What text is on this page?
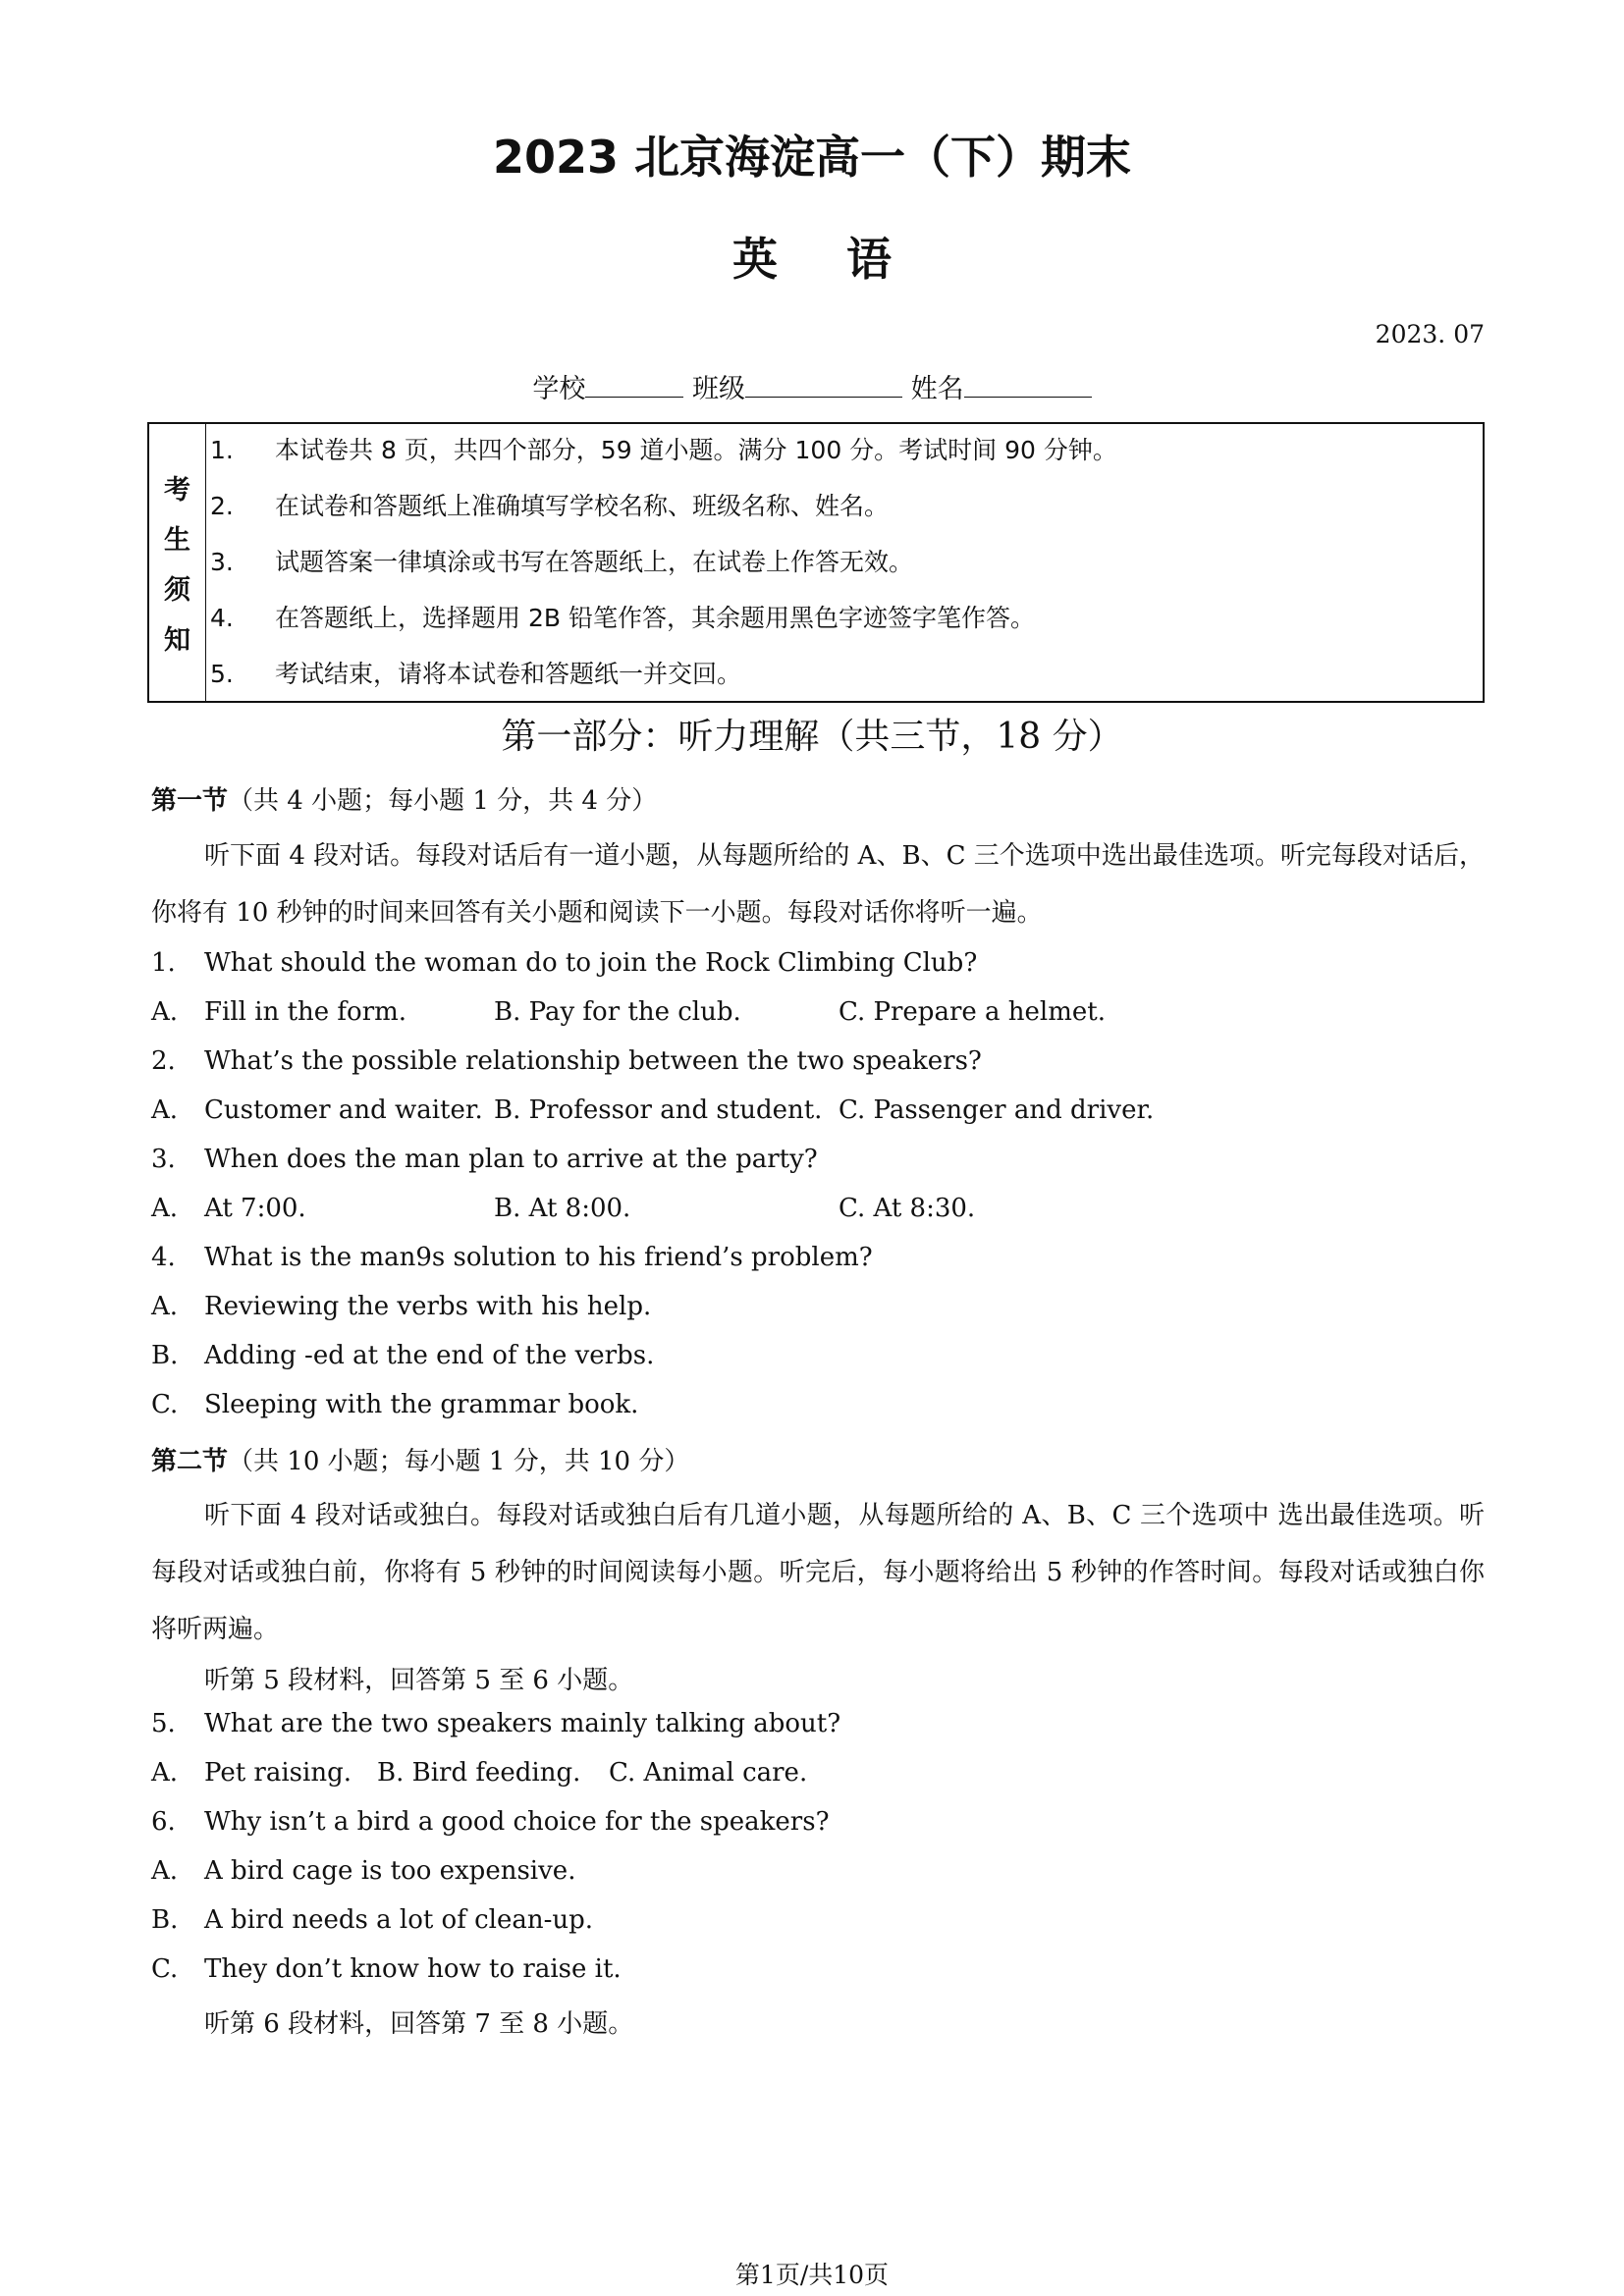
2023 北京海淀高一（下）期末
英语
2023. 07
学校	班级	姓名
考
生
须
知
1. 本试卷共 8 页，共四个部分，59 道小题。满分 100 分。考试时间 90 分钟。
2. 在试卷和答题纸上准确填写学校名称、班级名称、姓名。
3. 试题答案一律填涂或书写在答题纸上，在试卷上作答无效。
4. 在答题纸上，选择题用 2B 铅笔作答，其余题用黑色字迹签字笔作答。
5. 考试结束，请将本试卷和答题纸一并交回。
第一部分：听力理解（共三节，18 分）
第一节（共 4 小题；每小题 1 分，共 4 分）

听下面 4 段对话。每段对话后有一道小题，从每题所给的 A、B、C 三个选项中选出最佳选项。听完每段对话后，你将有 10 秒钟的时间来回答有关小题和阅读下一小题。每段对话你将听一遍。

1. What should the woman do to join the Rock Climbing Club?
A. Fill in the form.	B. Pay for the club.	C. Prepare a helmet.
2. What’s the possible relationship between the two speakers?
A. Customer and waiter. B. Professor and student. C. Passenger and driver.
3. When does the man plan to arrive at the party?
A. At 7:00.	B. At 8:00.	C. At 8:30.
4. What is the man9s solution to his friend’s problem?
A. Reviewing the verbs with his help.
B. Adding -ed at the end of the verbs.
C. Sleeping with the grammar book.
第二节（共 10 小题；每小题 1 分，共 10 分）

听下面 4 段对话或独白。每段对话或独白后有几道小题，从每题所给的 A、B、C 三个选项中 选出最佳选项。听每段对话或独白前，你将有 5 秒钟的时间阅读每小题。听完后，每小题将给出 5 秒钟的作答时间。每段对话或独白你将听两遍。

听第 5 段材料，回答第 5 至 6 小题。
5. What are the two speakers mainly talking about?
A. Pet raising. B. Bird feeding. C. Animal care.
6. Why isn’t a bird a good choice for the speakers?
A. A bird cage is too expensive.
B. A bird needs a lot of clean-up.
C. They don’t know how to raise it.
听第 6 段材料，回答第 7 至 8 小题。
第1页/共10页
